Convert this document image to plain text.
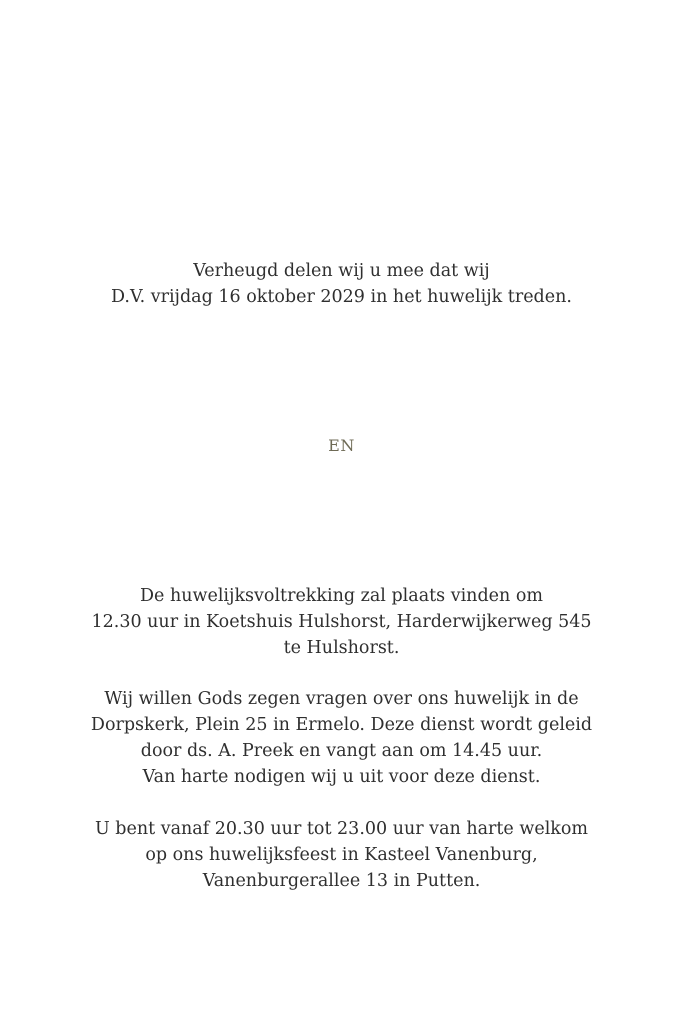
Verheugd delen wij u mee dat wij
D.V. vrijdag 16 oktober 2029 in het huwelijk treden.
EN
De huwelijksvoltrekking zal plaats vinden om
12.30 uur in Koetshuis Hulshorst, Harderwijkerweg 545
te Hulshorst.
Wij willen Gods zegen vragen over ons huwelijk in de
Dorpskerk, Plein 25 in Ermelo. Deze dienst wordt geleid
door ds. A. Preek en vangt aan om 14.45 uur.
Van harte nodigen wij u uit voor deze dienst.
U bent vanaf 20.30 uur tot 23.00 uur van harte welkom
op ons huwelijksfeest in Kasteel Vanenburg,
Vanenburgerallee 13 in Putten.
